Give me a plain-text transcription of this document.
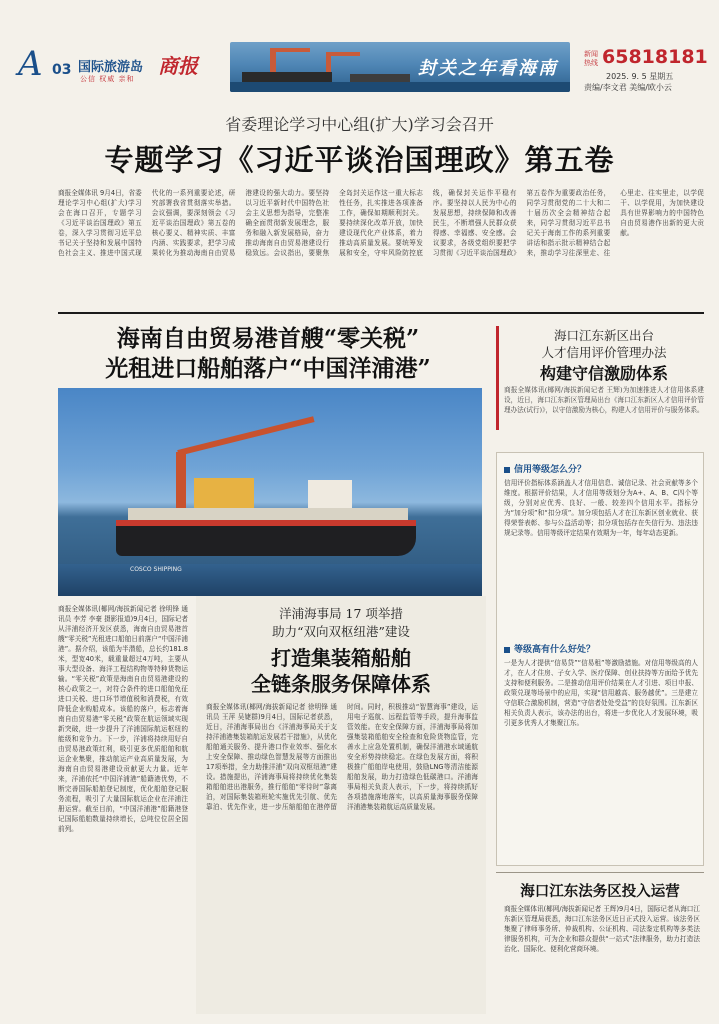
A 03 国际旅游岛 商报
公信 权威 亲和	封关之年看海南
新闻热线 65818181
2025. 9. 5 星期五
责编/李文君 美编/欧小云
省委理论学习中心组(扩大)学习会召开
专题学习《习近平谈治国理政》第五卷
商报全媒体讯 9月4日，省委理论学习中心组(扩大)学习会在海口召开，专题学习《习近平谈治国理政》第五卷，深入学习贯彻习近平总书记关于坚持和发展中国特色社会主义、推进中国式现代化的一系列重要论述，研究部署我省贯彻落实举措。会议强调，要深刻领会《习近平谈治国理政》第五卷的核心要义、精神实质、丰富内涵、实践要求，把学习成果转化为推动海南自由贸易港建设的强大动力。要坚持以习近平新时代中国特色社会主义思想为指导，完整准确全面贯彻新发展理念，服务和融入新发展格局，奋力推动海南自由贸易港建设行稳致远。会议指出，要聚焦全岛封关运作这一重大标志性任务，扎实推进各项准备工作，确保如期顺利封关。要持续深化改革开放，加快建设现代化产业体系，着力推动高质量发展。要统筹发展和安全，守牢风险防控底线，确保封关运作平稳有序。要坚持以人民为中心的发展思想，持续保障和改善民生，不断增强人民群众获得感、幸福感、安全感。会议要求，各级党组织要把学习贯彻《习近平谈治国理政》第五卷作为重要政治任务，同学习贯彻党的二十大和二十届历次全会精神结合起来，同学习贯彻习近平总书记关于海南工作的系列重要讲话和指示批示精神结合起来，推动学习往深里走、往心里走、往实里走，以学促干、以学促用，为加快建设具有世界影响力的中国特色自由贸易港作出新的更大贡献。
海南自由贸易港首艘“零关税”
光租进口船舶落户“中国洋浦港”
COSCO SHIPPING
商报全媒体讯(椰网/海拔新闻记者 徐明锋 通讯员 李芳 李豪 摄影报道)9月4日，国际记者从洋浦经济开发区获悉，海南自由贸易港首艘“零关税”光租进口船舶日前落户“中国洋浦港”。据介绍，该船为半潜船，总长约181.8米，型宽40米，载重量超过4万吨，主要从事大型设备、海洋工程结构物等特种货物运输。“零关税”政策是海南自由贸易港建设的核心政策之一，对符合条件的进口船舶免征进口关税、进口环节增值税和消费税，有效降低企业购船成本。该船的落户，标志着海南自由贸易港“零关税”政策在航运领域实现新突破，进一步提升了洋浦国际航运枢纽的能级和竞争力。下一步，洋浦将持续用好自由贸易港政策红利，吸引更多优质船舶和航运企业集聚，推动航运产业高质量发展，为海南自由贸易港建设贡献更大力量。近年来，洋浦依托“中国洋浦港”船籍港优势，不断完善国际船舶登记制度，优化船舶登记服务流程，吸引了大量国际航运企业在洋浦注册运营。截至目前，“中国洋浦港”船籍港登记国际船舶数量持续增长，总吨位位居全国前列。
洋浦海事局 17 项举措
助力“双向双枢纽港”建设
打造集装箱船舶
全链条服务保障体系
商报全媒体讯(椰网/海拔新闻记者 徐明锋 通讯员 王萍 吴婕群)9月4日，国际记者获悉，近日，洋浦海事局出台《洋浦海事局关于支持洋浦港集装箱航运发展若干措施》，从优化船舶通关服务、提升港口作业效率、强化水上安全保障、推动绿色智慧发展等方面推出17项举措，全力助推洋浦“双向双枢纽港”建设。措施提出，洋浦海事局将持续优化集装箱船舶进出港服务，推行船舶“零待时”靠离泊，对国际集装箱班轮实施优先引航、优先靠泊、优先作业，进一步压缩船舶在港停留时间。同时，积极推动“智慧海事”建设，运用电子巡航、远程监管等手段，提升海事监管效能。在安全保障方面，洋浦海事局将加强集装箱船舶安全检查和危险货物监管，完善水上应急处置机制，确保洋浦港水域通航安全形势持续稳定。在绿色发展方面，将积极推广船舶岸电使用，鼓励LNG等清洁能源船舶发展，助力打造绿色低碳港口。洋浦海事局相关负责人表示，下一步，将持续抓好各项措施落地落实，以高质量海事服务保障洋浦港集装箱航运高质量发展。
海口江东新区出台
人才信用评价管理办法
构建守信激励体系
商报全媒体讯(椰网/海拔新闻记者 王辉)为加速推进人才信用体系建设，近日，海口江东新区管理局出台《海口江东新区人才信用评价管理办法(试行)》，以守信激励为核心，构建人才信用评价与服务体系。
信用等级怎么分？
信用评价指标体系涵盖人才信用信息、诚信记录、社会贡献等多个维度。根据评价结果，人才信用等级划分为A+、A、B、C四个等级，分别对应优秀、良好、一般、较差四个信用水平。指标分为“加分项”和“扣分项”。加分项包括人才在江东新区创业就业、获得荣誉表彰、参与公益活动等；扣分项包括存在失信行为、违法违规记录等。信用等级评定结果有效期为一年，每年动态更新。
等级高有什么好处？
一是为人才提供“信易贷”“信易租”等激励措施。对信用等级高的人才，在人才住房、子女入学、医疗保障、创业扶持等方面给予优先支持和便利服务。二是推动信用评价结果在人才引进、项目申报、政策兑现等场景中的应用，实现“信用越高、服务越优”。三是建立守信联合激励机制，营造“守信者处处受益”的良好氛围。江东新区相关负责人表示，该办法的出台，将进一步优化人才发展环境，吸引更多优秀人才集聚江东。
海口江东法务区投入运营
商报全媒体讯(椰网/海拔新闻记者 王辉)9月4日，国际记者从海口江东新区管理局获悉，海口江东法务区近日正式投入运营。该法务区集聚了律师事务所、仲裁机构、公证机构、司法鉴定机构等多类法律服务机构，可为企业和群众提供“一站式”法律服务，助力打造法治化、国际化、便利化营商环境。
